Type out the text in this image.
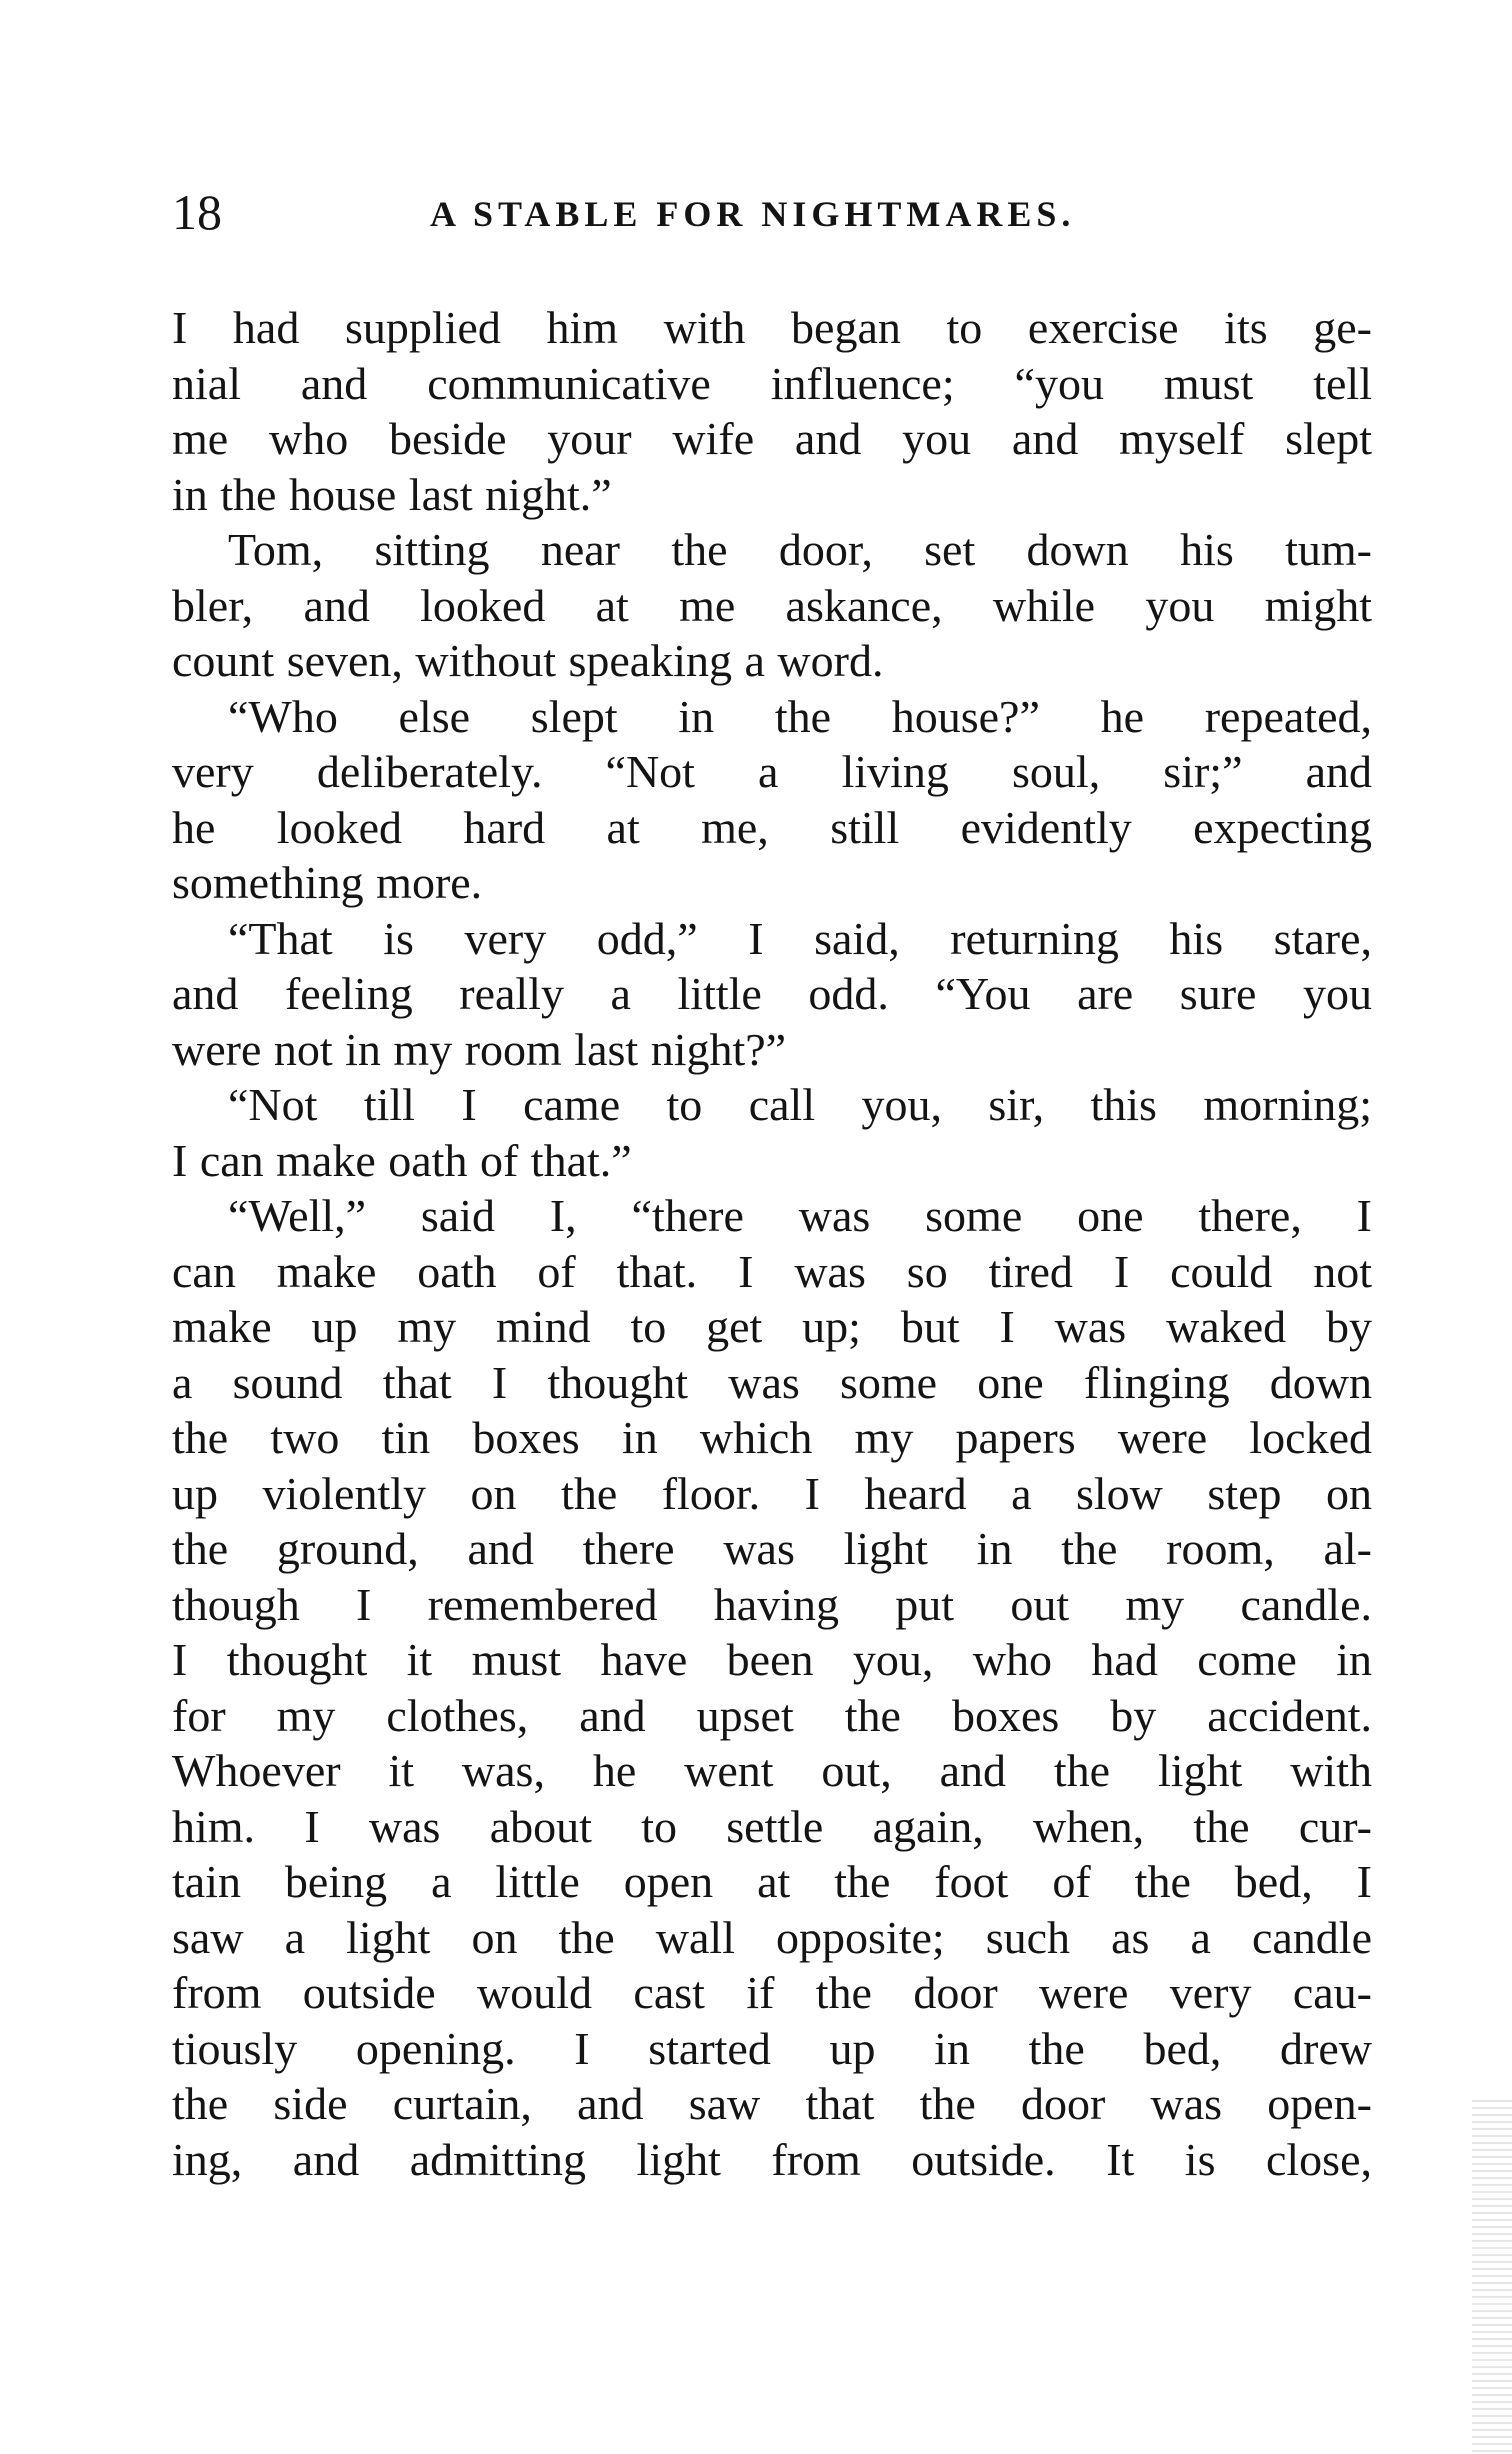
18	A STABLE FOR NIGHTMARES.
I had supplied him with began to exercise its ge-
nial and communicative influence; “you must tell
me who beside your wife and you and myself slept
in the house last night.”
Tom, sitting near the door, set down his tum-
bler, and looked at me askance, while you might
count seven, without speaking a word.
“Who else slept in the house?” he repeated,
very deliberately. “Not a living soul, sir;” and
he looked hard at me, still evidently expecting
something more.
“That is very odd,” I said, returning his stare,
and feeling really a little odd. “You are sure you
were not in my room last night?”
“Not till I came to call you, sir, this morning;
I can make oath of that.”
“Well,” said I, “there was some one there, I
can make oath of that. I was so tired I could not
make up my mind to get up; but I was waked by
a sound that I thought was some one flinging down
the two tin boxes in which my papers were locked
up violently on the floor. I heard a slow step on
the ground, and there was light in the room, al-
though I remembered having put out my candle.
I thought it must have been you, who had come in
for my clothes, and upset the boxes by accident.
Whoever it was, he went out, and the light with
him. I was about to settle again, when, the cur-
tain being a little open at the foot of the bed, I
saw a light on the wall opposite; such as a candle
from outside would cast if the door were very cau-
tiously opening. I started up in the bed, drew
the side curtain, and saw that the door was open-
ing, and admitting light from outside. It is close,
